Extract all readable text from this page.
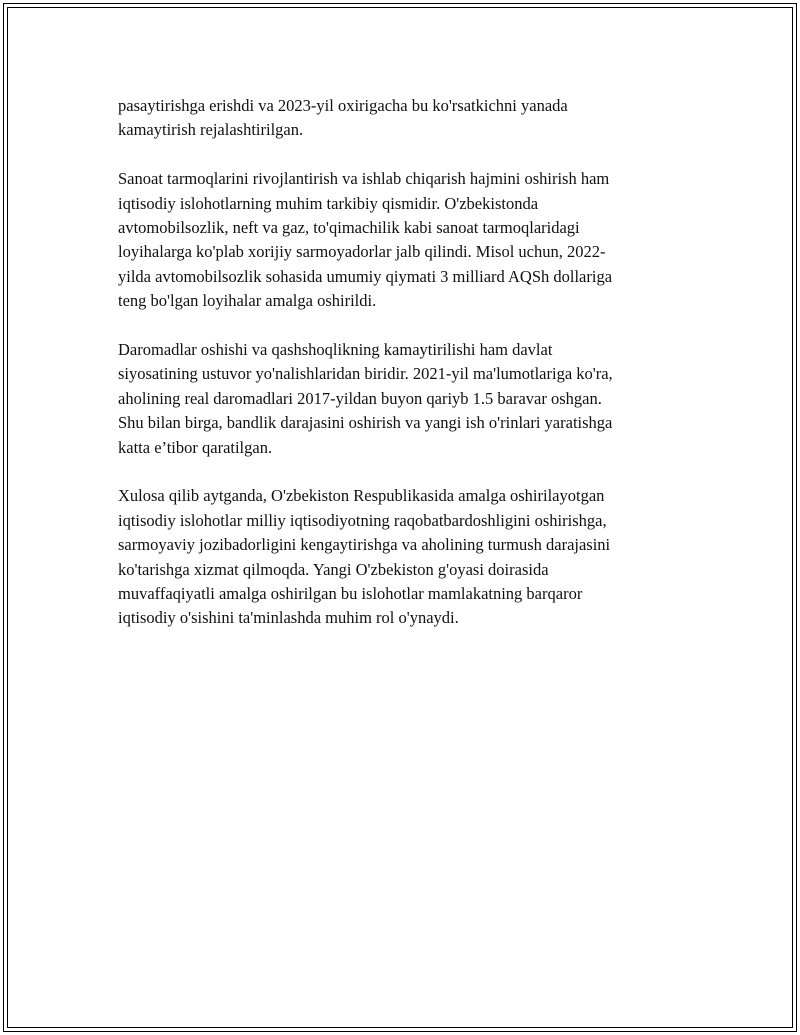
pasaytirishga erishdi va 2023-yil oxirigacha bu ko'rsatkichni yanada
kamaytirish rejalashtirilgan.

Sanoat tarmoqlarini rivojlantirish va ishlab chiqarish hajmini oshirish ham
iqtisodiy islohotlarning muhim tarkibiy qismidir. O'zbekistonda
avtomobilsozlik, neft va gaz, to'qimachilik kabi sanoat tarmoqlaridagi
loyihalarga ko'plab xorijiy sarmoyadorlar jalb qilindi. Misol uchun, 2022-
yilda avtomobilsozlik sohasida umumiy qiymati 3 milliard AQSh dollariga
teng bo'lgan loyihalar amalga oshirildi.

Daromadlar oshishi va qashshoqlikning kamaytirilishi ham davlat
siyosatining ustuvor yo'nalishlaridan biridir. 2021-yil ma'lumotlariga ko'ra,
aholining real daromadlari 2017-yildan buyon qariyb 1.5 baravar oshgan.
Shu bilan birga, bandlik darajasini oshirish va yangi ish o'rinlari yaratishga
katta e’tibor qaratilgan.

Xulosa qilib aytganda, O'zbekiston Respublikasida amalga oshirilayotgan
iqtisodiy islohotlar milliy iqtisodiyotning raqobatbardoshligini oshirishga,
sarmoyaviy jozibadorligini kengaytirishga va aholining turmush darajasini
ko'tarishga xizmat qilmoqda. Yangi O'zbekiston g'oyasi doirasida
muvaffaqiyatli amalga oshirilgan bu islohotlar mamlakatning barqaror
iqtisodiy o'sishini ta'minlashda muhim rol o'ynaydi.
